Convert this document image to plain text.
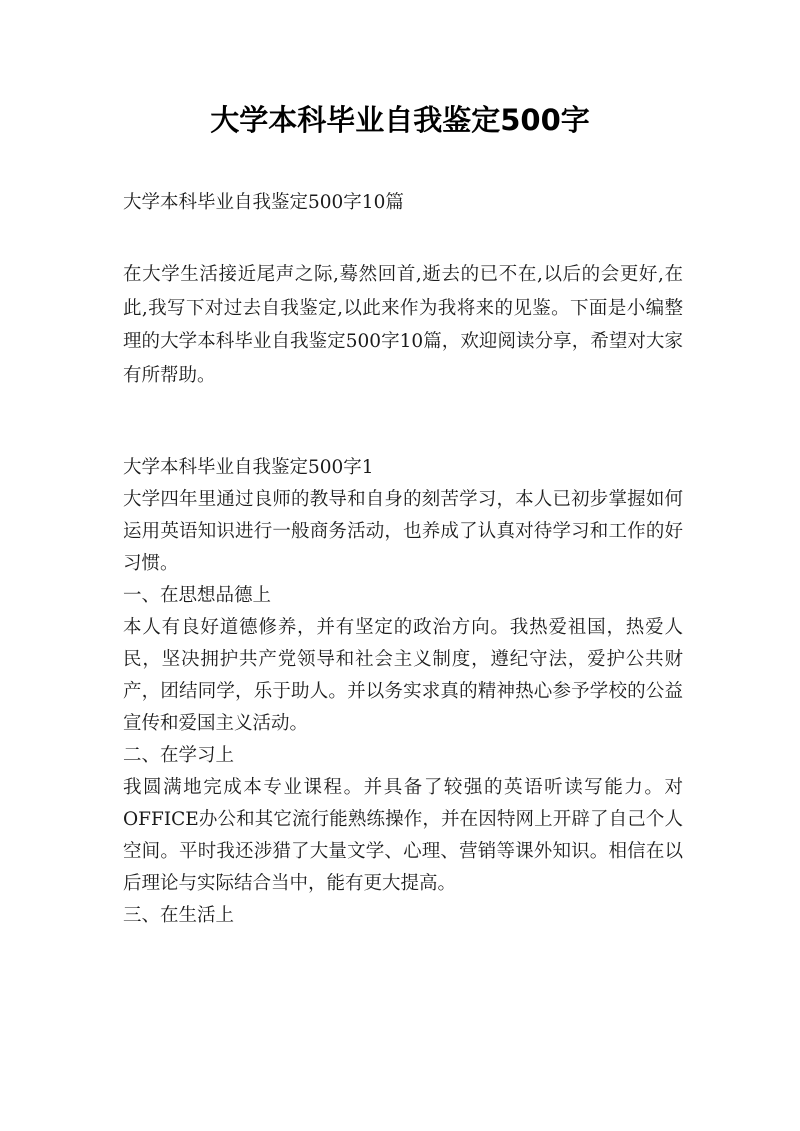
大学本科毕业自我鉴定500字

大学本科毕业自我鉴定500字10篇

在大学生活接近尾声之际,蓦然回首,逝去的已不在,以后的会更好,在此,我写下对过去自我鉴定,以此来作为我将来的见鉴。下面是小编整理的大学本科毕业自我鉴定500字10篇，欢迎阅读分享，希望对大家有所帮助。

大学本科毕业自我鉴定500字1

大学四年里通过良师的教导和自身的刻苦学习，本人已初步掌握如何运用英语知识进行一般商务活动，也养成了认真对待学习和工作的好习惯。

一、在思想品德上

本人有良好道德修养，并有坚定的政治方向。我热爱祖国，热爱人民，坚决拥护共产党领导和社会主义制度，遵纪守法，爱护公共财产，团结同学，乐于助人。并以务实求真的精神热心参予学校的公益宣传和爱国主义活动。

二、在学习上

我圆满地完成本专业课程。并具备了较强的英语听读写能力。对OFFICE办公和其它流行能熟练操作，并在因特网上开辟了自己个人空间。平时我还涉猎了大量文学、心理、营销等课外知识。相信在以后理论与实际结合当中，能有更大提高。

三、在生活上
